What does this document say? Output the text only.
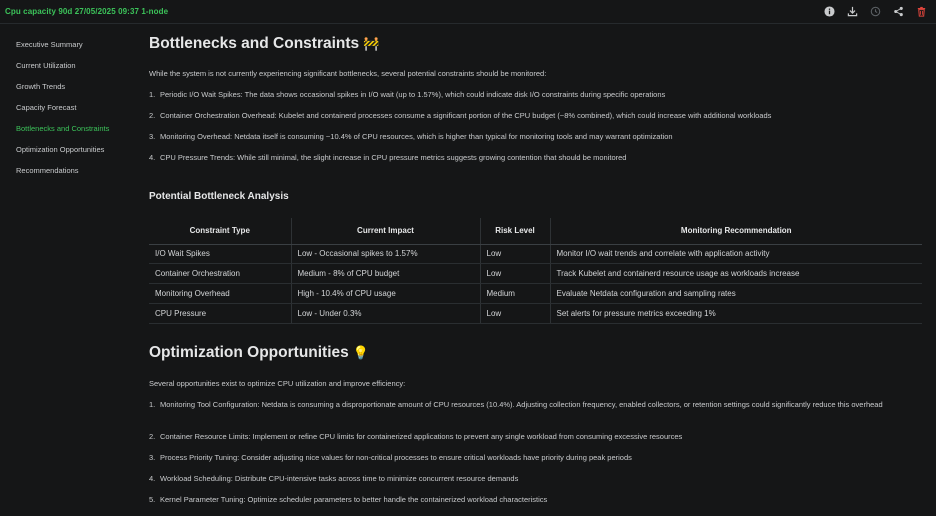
Cpu capacity 90d 27/05/2025 09:37 1-node
Executive Summary
Current Utilization
Growth Trends
Capacity Forecast
Bottlenecks and Constraints
Optimization Opportunities
Recommendations
Bottlenecks and Constraints 🚧
While the system is not currently experiencing significant bottlenecks, several potential constraints should be monitored:
1. Periodic I/O Wait Spikes: The data shows occasional spikes in I/O wait (up to 1.57%), which could indicate disk I/O constraints during specific operations
2. Container Orchestration Overhead: Kubelet and containerd processes consume a significant portion of the CPU budget (~8% combined), which could increase with additional workloads
3. Monitoring Overhead: Netdata itself is consuming ~10.4% of CPU resources, which is higher than typical for monitoring tools and may warrant optimization
4. CPU Pressure Trends: While still minimal, the slight increase in CPU pressure metrics suggests growing contention that should be monitored
Potential Bottleneck Analysis
Constraint Type	Current Impact	Risk Level	Monitoring Recommendation
I/O Wait Spikes	Low - Occasional spikes to 1.57%	Low	Monitor I/O wait trends and correlate with application activity
Container Orchestration	Medium - 8% of CPU budget	Low	Track Kubelet and containerd resource usage as workloads increase
Monitoring Overhead	High - 10.4% of CPU usage	Medium	Evaluate Netdata configuration and sampling rates
CPU Pressure	Low - Under 0.3%	Low	Set alerts for pressure metrics exceeding 1%
Optimization Opportunities 💡
Several opportunities exist to optimize CPU utilization and improve efficiency:
1. Monitoring Tool Configuration: Netdata is consuming a disproportionate amount of CPU resources (10.4%). Adjusting collection frequency, enabled collectors, or retention settings could significantly reduce this overhead
2. Container Resource Limits: Implement or refine CPU limits for containerized applications to prevent any single workload from consuming excessive resources
3. Process Priority Tuning: Consider adjusting nice values for non-critical processes to ensure critical workloads have priority during peak periods
4. Workload Scheduling: Distribute CPU-intensive tasks across time to minimize concurrent resource demands
5. Kernel Parameter Tuning: Optimize scheduler parameters to better handle the containerized workload characteristics
